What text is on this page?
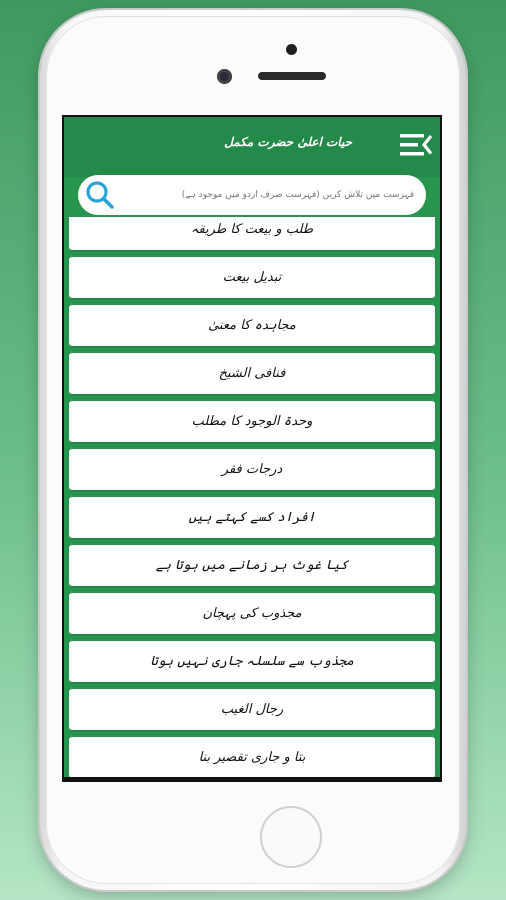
حیات اعلیٰ حضرت مکمل
فہرست میں تلاش کریں (فہرست صرف اردو میں موجود ہے)
طلب و بیعت کا طریقہ
تبدیل بیعت
مجاہدہ کا معنیٰ
فنافی الشیخ
وحدۃ الوجود کا مطلب
درجات فقر
افراد کسے کہتے ہیں
کیا غوث ہر زمانے میں ہوتا ہے
مجذوب کی پہچان
مجذوب سے سلسلہ جاری نہیں ہوتا
رجال الغیب
بتا و جاری تقصیر بنا
